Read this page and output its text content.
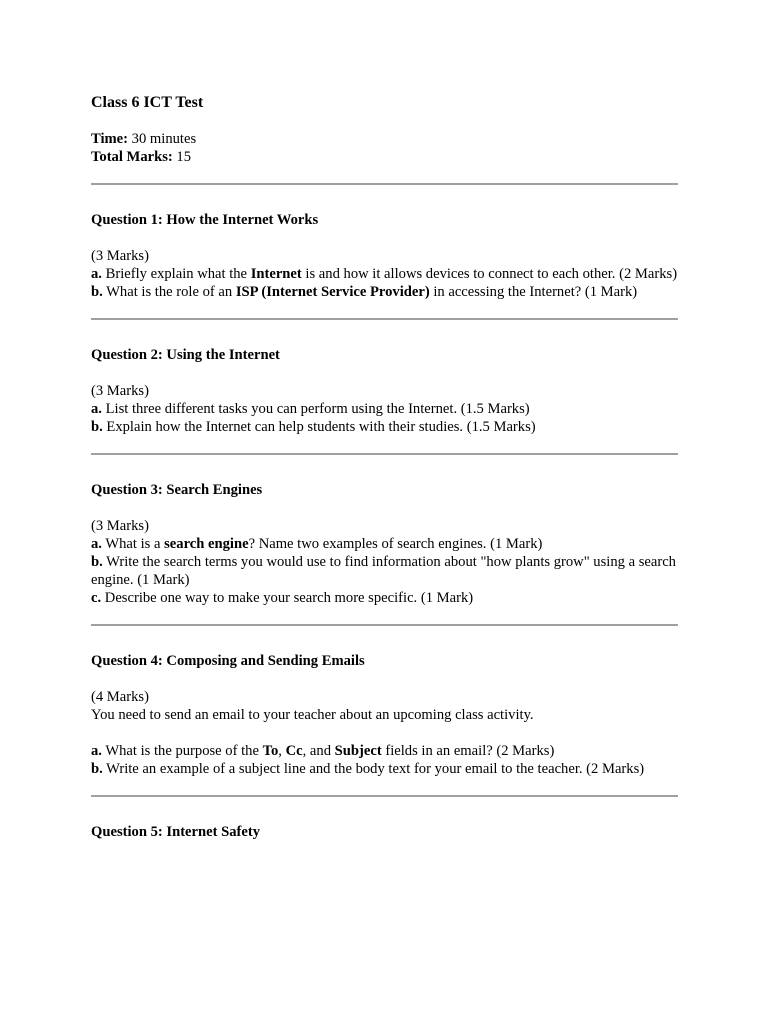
Class 6 ICT Test

Time: 30 minutes

Total Marks: 15

Question 1: How the Internet Works

(3 Marks)

a. Briefly explain what the Internet is and how it allows devices to connect to each other. (2 Marks)

b. What is the role of an ISP (Internet Service Provider) in accessing the Internet? (1 Mark)

Question 2: Using the Internet

(3 Marks)

a. List three different tasks you can perform using the Internet. (1.5 Marks)

b. Explain how the Internet can help students with their studies. (1.5 Marks)

Question 3: Search Engines

(3 Marks)

a. What is a search engine? Name two examples of search engines. (1 Mark)

b. Write the search terms you would use to find information about "how plants grow" using a search engine. (1 Mark)

c. Describe one way to make your search more specific. (1 Mark)

Question 4: Composing and Sending Emails

(4 Marks)

You need to send an email to your teacher about an upcoming class activity.

a. What is the purpose of the To, Cc, and Subject fields in an email? (2 Marks)

b. Write an example of a subject line and the body text for your email to the teacher. (2 Marks)

Question 5: Internet Safety
